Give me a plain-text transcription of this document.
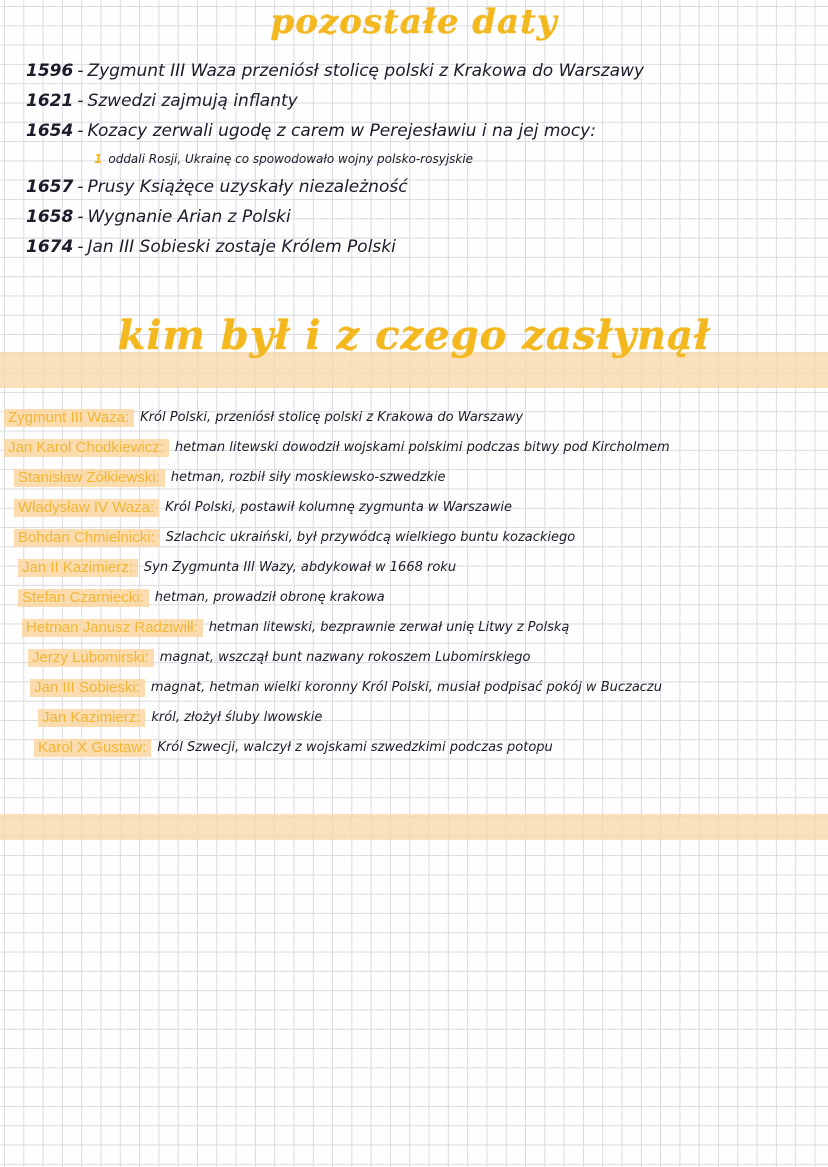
pozostałe daty
1596 - Zygmunt III Waza przeniósł stolicę polski z Krakowa do Warszawy
1621 - Szwedzi zajmują inflanty
1654 - Kozacy zerwali ugodę z carem w Perejesławiu i na jej mocy:
1 oddali Rosji, Ukrainę co spowodowało wojny polsko-rosyjskie
1657 - Prusy Książęce uzyskały niezależność
1658 - Wygnanie Arian z Polski
1674 - Jan III Sobieski zostaje Królem Polski
kim był i z czego zasłynął
Zygmunt III Waza: Król Polski, przeniósł stolicę polski z Krakowa do Warszawy
Jan Karol Chodkiewicz: hetman litewski dowodził wojskami polskimi podczas bitwy pod Kircholmem
Stanisław Żółkiewski: hetman, rozbił siły moskiewsko-szwedzkie
Władysław IV Waza: Król Polski, postawił kolumnę zygmunta w Warszawie
Bohdan Chmielnicki: Szlachcic ukraiński, był przywódcą wielkiego buntu kozackiego
Jan II Kazimierz: Syn Zygmunta III Wazy, abdykował w 1668 roku
Stefan Czarniecki: hetman, prowadził obronę krakowa
Hetman Janusz Radziwiłł: hetman litewski, bezprawnie zerwał unię Litwy z Polską
Jerzy Lubomirski: magnat, wszczął bunt nazwany rokoszem Lubomirskiego
Jan III Sobieski: magnat, hetman wielki koronny Król Polski, musiał podpisać pokój w Buczaczu
Jan Kazimierz: król, złożył śluby lwowskie
Karol X Gustaw: Król Szwecji, walczył z wojskami szwedzkimi podczas potopu
